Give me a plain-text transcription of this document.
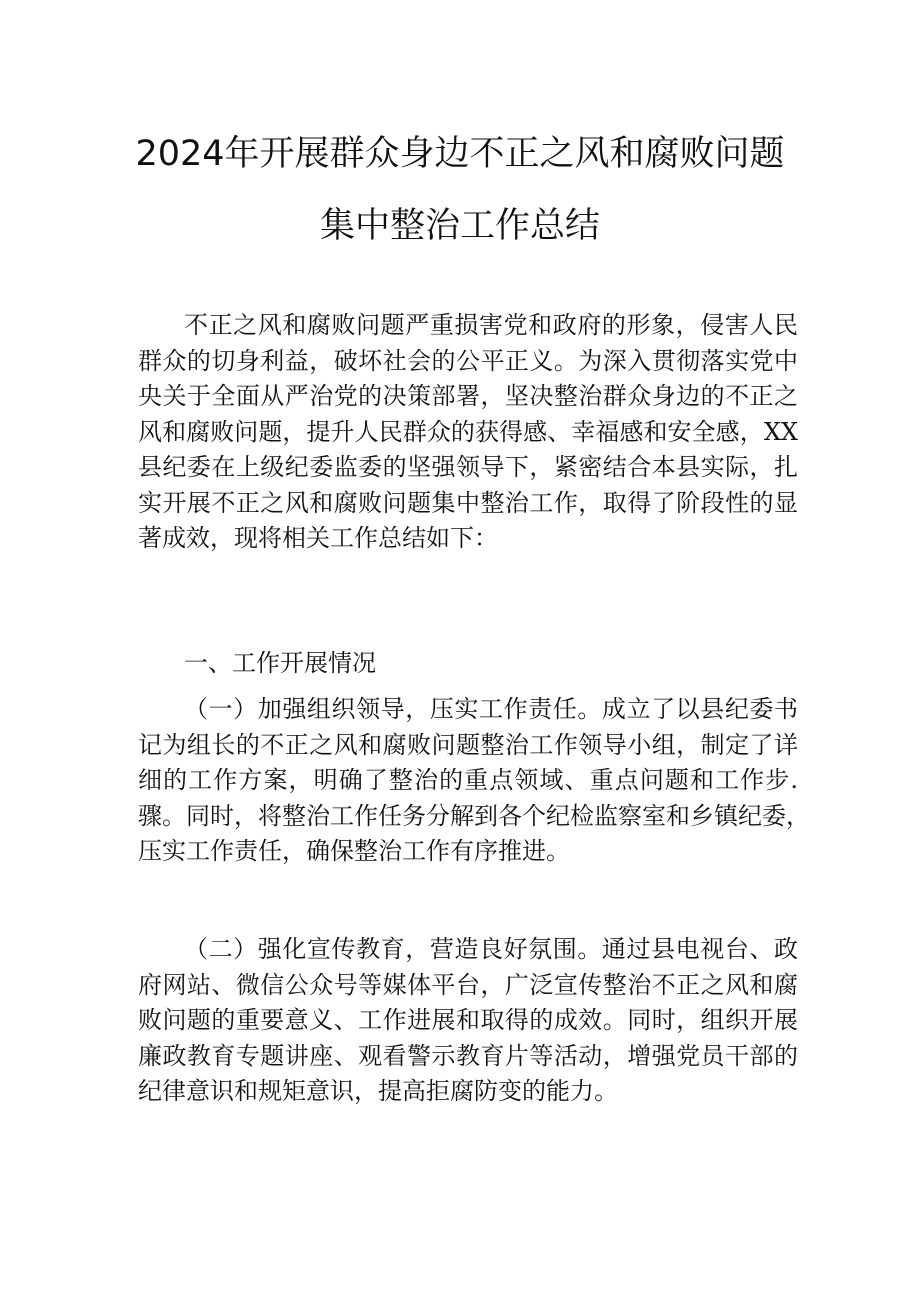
2024年开展群众身边不正之风和腐败问题
集中整治工作总结
不正之风和腐败问题严重损害党和政府的形象，侵害人民
群众的切身利益，破坏社会的公平正义。为深入贯彻落实党中
央关于全面从严治党的决策部署，坚决整治群众身边的不正之
风和腐败问题，提升人民群众的获得感、幸福感和安全感，XX
县纪委在上级纪委监委的坚强领导下，紧密结合本县实际，扎
实开展不正之风和腐败问题集中整治工作，取得了阶段性的显
著成效，现将相关工作总结如下：
一、工作开展情况
（一）加强组织领导，压实工作责任。成立了以县纪委书
记为组长的不正之风和腐败问题整治工作领导小组，制定了详
细的工作方案，明确了整治的重点领域、重点问题和工作步.
骤。同时，将整治工作任务分解到各个纪检监察室和乡镇纪委，
压实工作责任，确保整治工作有序推进。
（二）强化宣传教育，营造良好氛围。通过县电视台、政
府网站、微信公众号等媒体平台，广泛宣传整治不正之风和腐
败问题的重要意义、工作进展和取得的成效。同时，组织开展
廉政教育专题讲座、观看警示教育片等活动，增强党员干部的
纪律意识和规矩意识，提高拒腐防变的能力。
